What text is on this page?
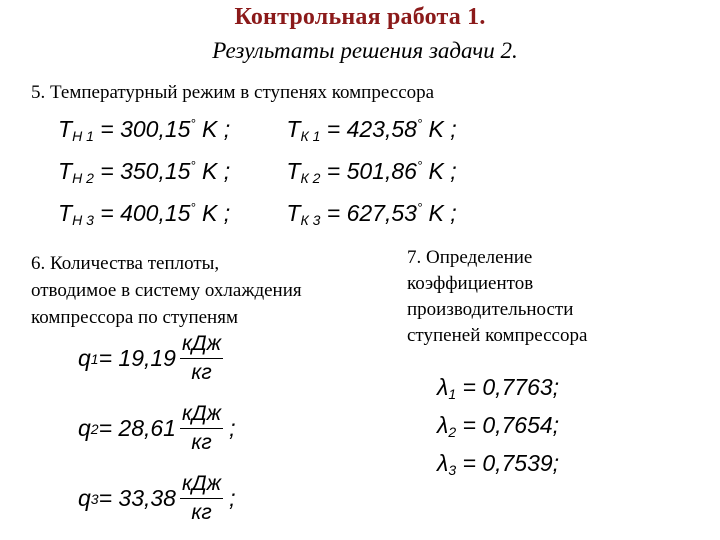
Контрольная работа 1.
Результаты решения задачи 2.
5. Температурный режим в ступенях компрессора
$T_{Н 1} = 300,15^\circ$ K ; $T_{К 1} = 423,58^\circ$ K ;
$T_{Н 2} = 350,15^\circ$ K ; $T_{К 2} = 501,86^\circ$ K ;
$T_{Н 3} = 400,15^\circ$ K ; $T_{К 3} = 627,53^\circ$ K ;
6. Количества теплоты,
отводимое в систему охлаждения
компрессора по ступеням
q $1 = 19,19 \frac{\text{кДж}}{кг}$
q $2 = 28,61 \frac{\text{кДж}}{кг}$ ;
q $3 = 33,38 \frac{\text{кДж}}{кг}$ ;
7. Определение
коэффициентов
производительности
ступеней компрессора
$\lambda_1 = 0,7763$;
$\lambda_2 = 0,7654$;
$\lambda_3 = 0,7539$;
